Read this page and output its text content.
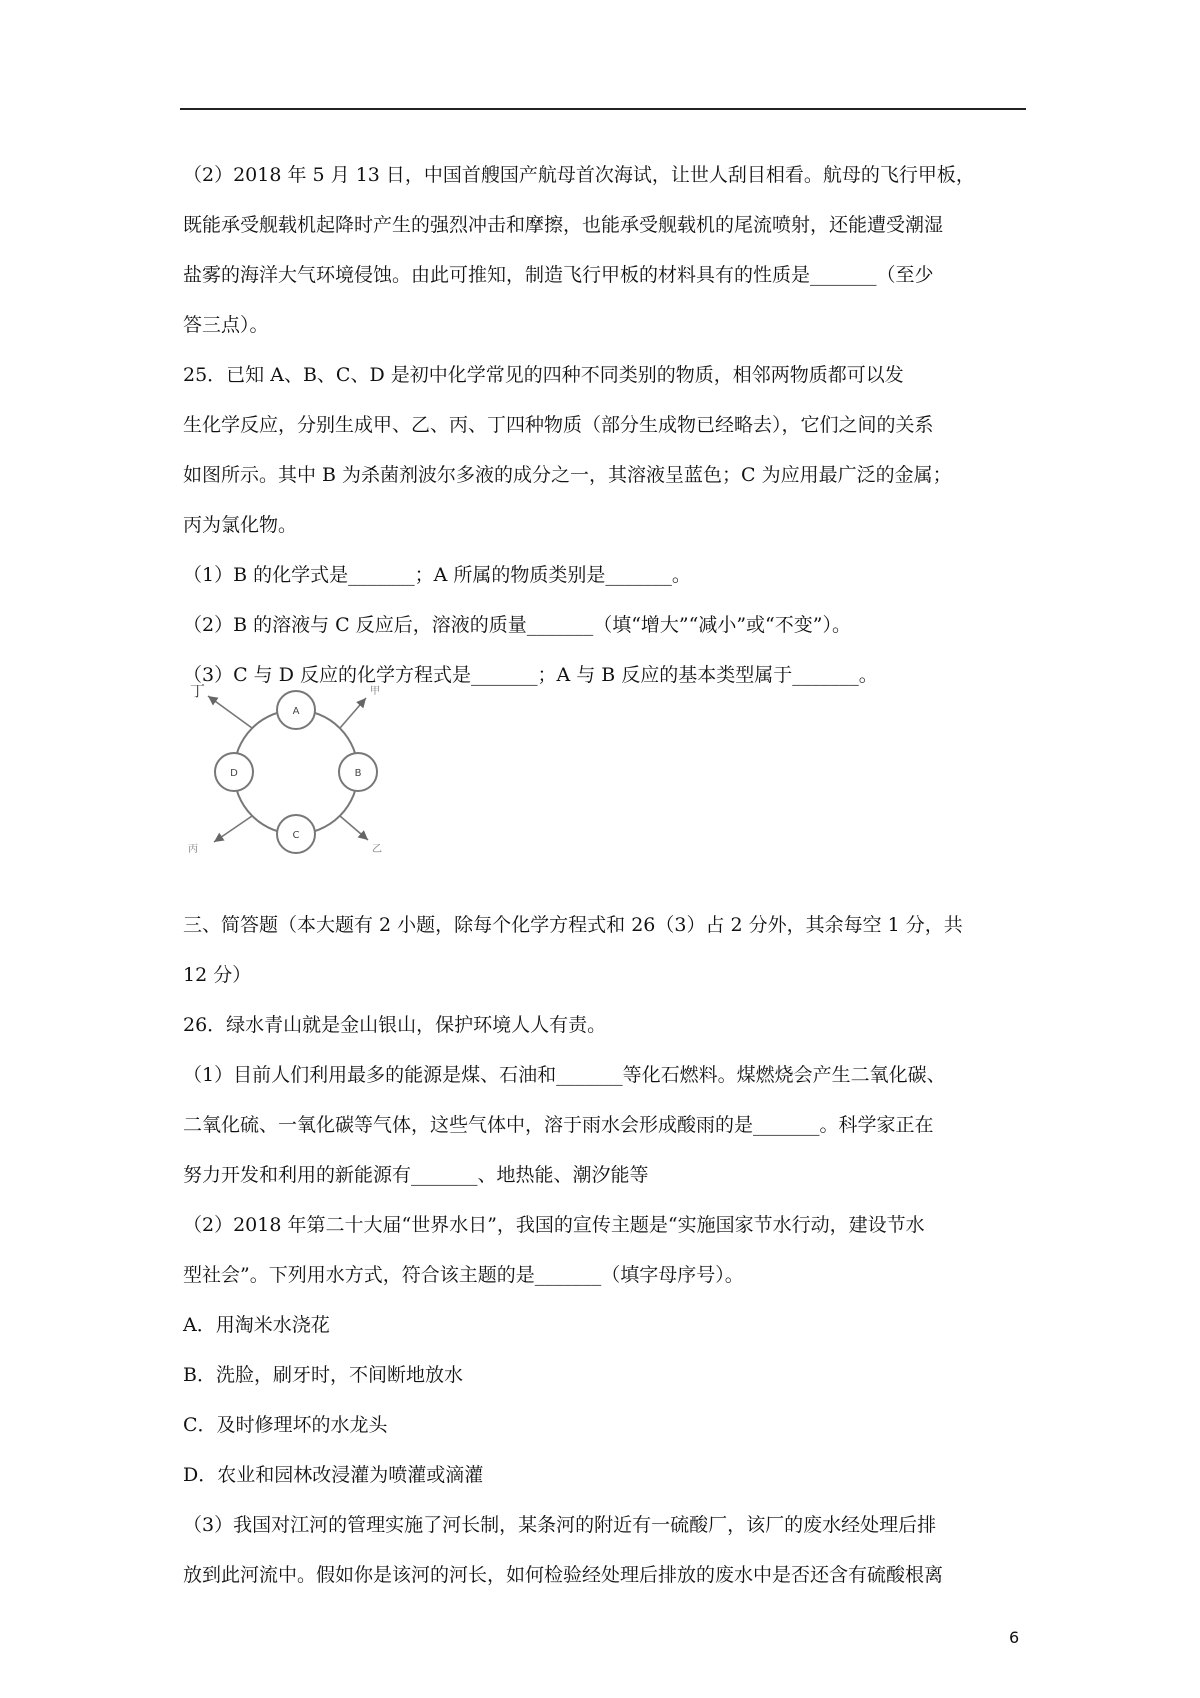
（2）2018 年 5 月 13 日，中国首艘国产航母首次海试，让世人刮目相看。航母的飞行甲板，
既能承受舰载机起降时产生的强烈冲击和摩擦，也能承受舰载机的尾流喷射，还能遭受潮湿
盐雾的海洋大气环境侵蚀。由此可推知，制造飞行甲板的材料具有的性质是_______（至少
答三点）。
25．已知 A、B、C、D 是初中化学常见的四种不同类别的物质，相邻两物质都可以发
生化学反应，分别生成甲、乙、丙、丁四种物质（部分生成物已经略去），它们之间的关系
如图所示。其中 B 为杀菌剂波尔多液的成分之一，其溶液呈蓝色；C 为应用最广泛的金属；
丙为氯化物。
（1）B 的化学式是_______；A 所属的物质类别是_______。
（2）B 的溶液与 C 反应后，溶液的质量_______（填“增大”“减小”或“不变”）。
（3）C 与 D 反应的化学方程式是_______；A 与 B 反应的基本类型属于_______。
三、简答题（本大题有 2 小题，除每个化学方程式和 26（3）占 2 分外，其余每空 1 分，共
12 分）
26．绿水青山就是金山银山，保护环境人人有责。
（1）目前人们利用最多的能源是煤、石油和_______等化石燃料。煤燃烧会产生二氧化碳、
二氧化硫、一氧化碳等气体，这些气体中，溶于雨水会形成酸雨的是_______。科学家正在
努力开发和利用的新能源有_______、地热能、潮汐能等
（2）2018 年第二十大届“世界水日”，我国的宣传主题是“实施国家节水行动，建设节水
型社会”。下列用水方式，符合该主题的是_______（填字母序号）。
A．用淘米水浇花
B．洗脸，刷牙时，不间断地放水
C．及时修理坏的水龙头
D．农业和园林改浸灌为喷灌或滴灌
（3）我国对江河的管理实施了河长制，某条河的附近有一硫酸厂，该厂的废水经处理后排
放到此河流中。假如你是该河的河长，如何检验经处理后排放的废水中是否还含有硫酸根离
A
B
C
D
丁	甲
乙
丙
6
